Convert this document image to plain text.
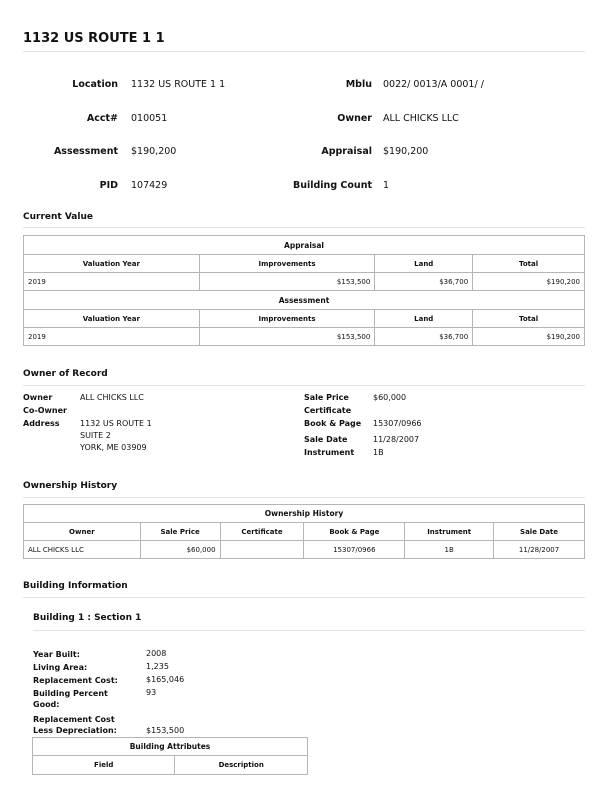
1132 US ROUTE 1 1
Location 1132 US ROUTE 1 1	Mblu 0022/ 0013/A 0001/ /
Acct# 010051	Owner ALL CHICKS LLC
Assessment $190,200	Appraisal $190,200
PID 107429	Building Count 1
Current Value
Appraisal			
Valuation Year	Improvements	Land	Total
2019	$153,500	$36,700	$190,200
Assessment			
Valuation Year	Improvements	Land	Total
2019	$153,500	$36,700	$190,200
Owner of Record
Owner	ALL CHICKS LLC
Co-Owner
Address	1132 US ROUTE 1
SUITE 2
YORK, ME 03909
Sale Price	$60,000
Certificate
Book & Page 15307/0966
Sale Date	11/28/2007
Instrument 1B
Ownership History
Ownership History					
Owner	Sale Price	Certificate	Book & Page	Instrument	Sale Date
ALL CHICKS LLC	$60,000		15307/0966	1B	11/28/2007
Building Information
Building 1 : Section 1
Year Built:	2008
Living Area:	1,235
Replacement Cost:	$165,046
Building Percent
Good:
93
Replacement Cost
Less Depreciation:	$153,500
Building Attributes
Field	Description
